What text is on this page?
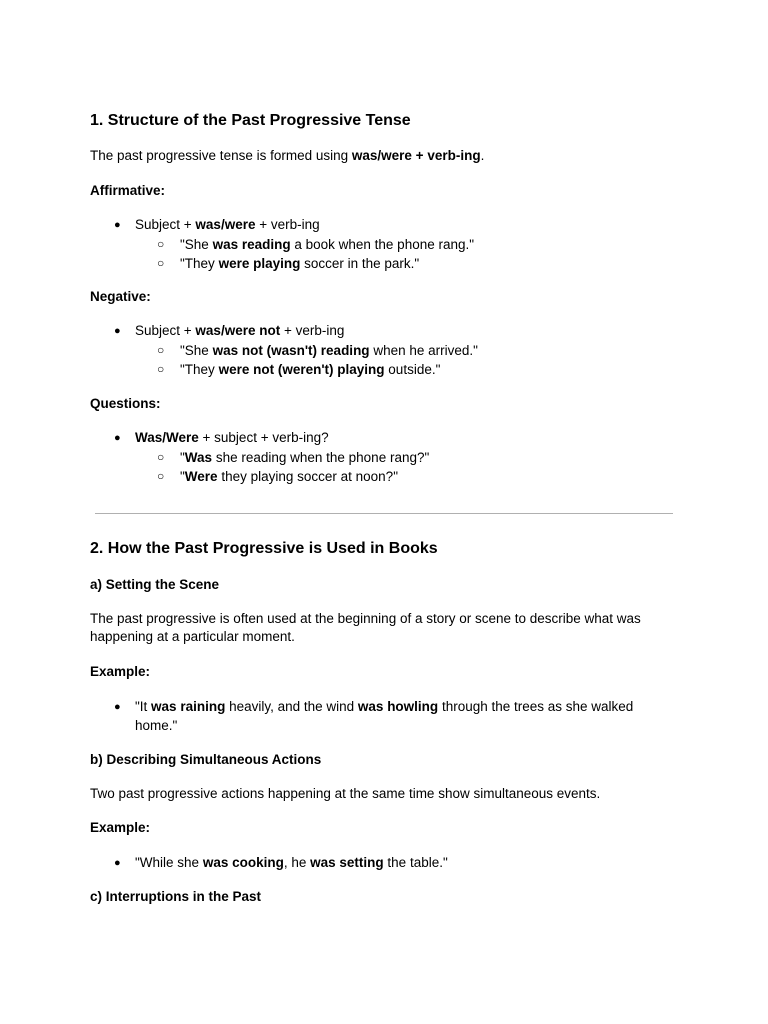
1. Structure of the Past Progressive Tense

The past progressive tense is formed using was/were + verb-ing.

Affirmative:
● Subject + was/were + verb-ing
○ "She was reading a book when the phone rang."
○ "They were playing soccer in the park."
Negative:
● Subject + was/were not + verb-ing
○ "She was not (wasn't) reading when he arrived."
○ "They were not (weren't) playing outside."
Questions:
● Was/Were + subject + verb-ing?
○ "Was she reading when the phone rang?"
○ "Were they playing soccer at noon?"
2. How the Past Progressive is Used in Books
a) Setting the Scene

The past progressive is often used at the beginning of a story or scene to describe what was happening at a particular moment.

Example:
● "It was raining heavily, and the wind was howling through the trees as she walked home."
b) Describing Simultaneous Actions

Two past progressive actions happening at the same time show simultaneous events.

Example:
● "While she was cooking, he was setting the table."
c) Interruptions in the Past
